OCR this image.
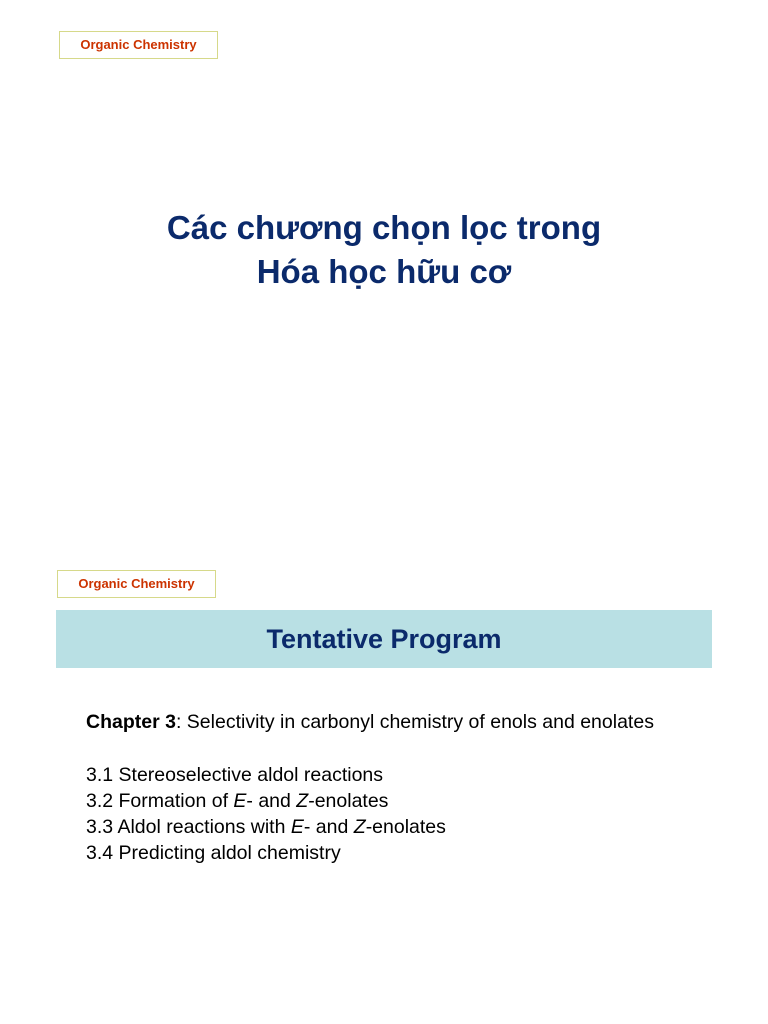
Organic Chemistry
Các chương chọn lọc trong
Hóa học hữu cơ
Organic Chemistry
Tentative Program

Chapter 3: Selectivity in carbonyl chemistry of enols and enolates

3.1 Stereoselective aldol reactions
3.2 Formation of E- and Z-enolates
3.3 Aldol reactions with E- and Z-enolates
3.4 Predicting aldol chemistry
